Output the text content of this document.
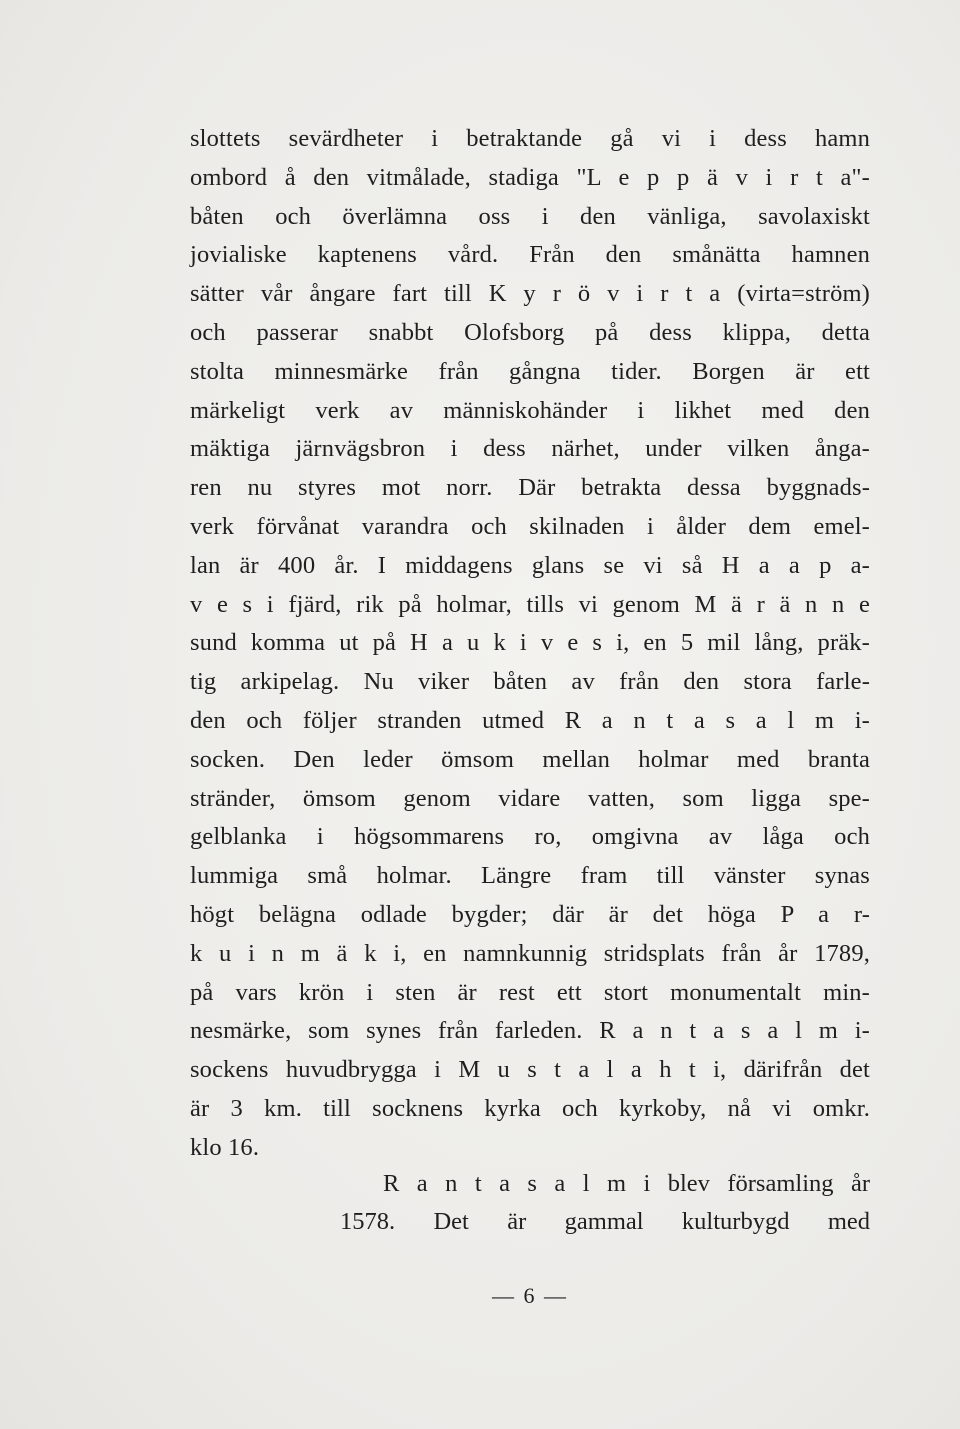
slottets sevärdheter i betraktande gå vi i dess hamn
ombord å den vitmålade, stadiga "L e p p ä v i r t a"-
båten och överlämna oss i den vänliga, savolaxiskt
jovialiske kaptenens vård. Från den smånätta hamnen
sätter vår ångare fart till K y r ö v i r t a (virta=ström)
och passerar snabbt Olofsborg på dess klippa, detta
stolta minnesmärke från gångna tider. Borgen är ett
märkeligt verk av människohänder i likhet med den
mäktiga järnvägsbron i dess närhet, under vilken ånga-
ren nu styres mot norr. Där betrakta dessa byggnads-
verk förvånat varandra och skilnaden i ålder dem emel-
lan är 400 år. I middagens glans se vi så H a a p a-
v e s i fjärd, rik på holmar, tills vi genom M ä r ä n n e
sund komma ut på H a u k i v e s i, en 5 mil lång, präk-
tig arkipelag. Nu viker båten av från den stora farle-
den och följer stranden utmed R a n t a s a l m i-
socken. Den leder ömsom mellan holmar med branta
stränder, ömsom genom vidare vatten, som ligga spe-
gelblanka i högsommarens ro, omgivna av låga och
lummiga små holmar. Längre fram till vänster synas
högt belägna odlade bygder; där är det höga P a r-
k u i n m ä k i, en namnkunnig stridsplats från år 1789,
på vars krön i sten är rest ett stort monumentalt min-
nesmärke, som synes från farleden. R a n t a s a l m i-
sockens huvudbrygga i M u s t a l a h t i, därifrån det
är 3 km. till socknens kyrka och kyrkoby, nå vi omkr.
klo 16.
R a n t a s a l m i blev församling år
1578. Det är gammal kulturbygd med
— 6 —
